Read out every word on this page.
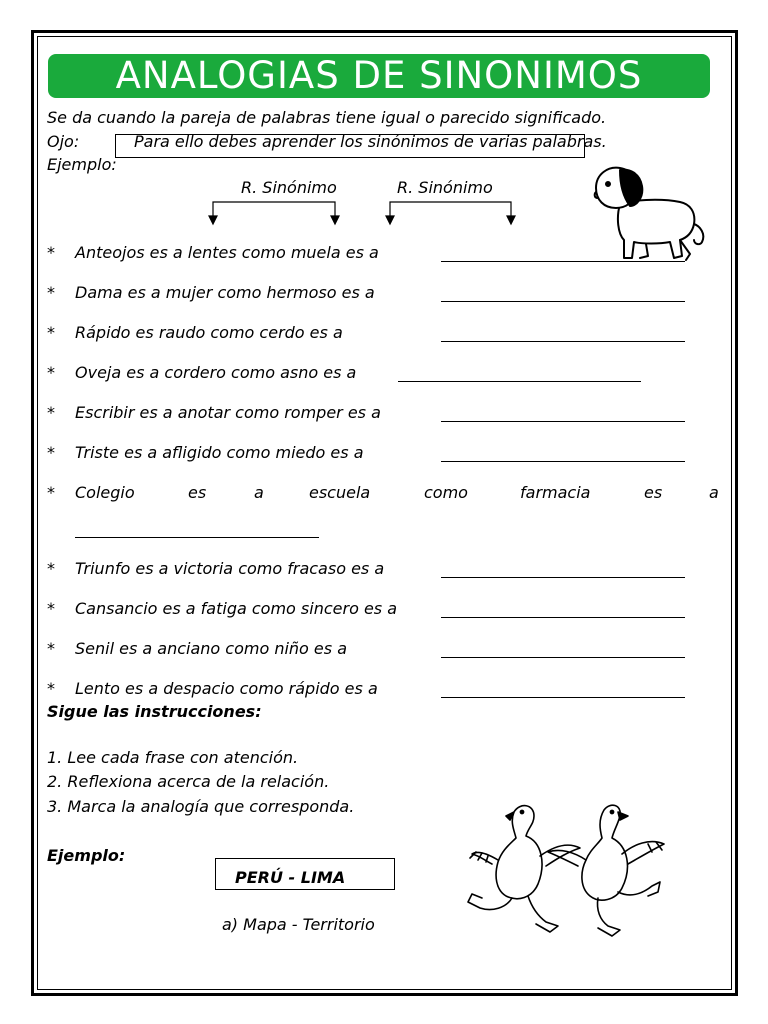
ANALOGIAS DE SINONIMOS
Se da cuando la pareja de palabras tiene igual o parecido significado.
Ojo:	Para ello debes aprender los sinónimos de varias palabras.
Ejemplo:
R. Sinónimo	R. Sinónimo
* Anteojos es a lentes como muela es a
* Dama es a mujer como hermoso es a
* Rápido es raudo como cerdo es a
* Oveja es a cordero como asno es a
* Escribir es a anotar como romper es a
* Triste es a afligido como miedo es a
* Colegio	es	a	escuela	como	farmacia	es	a
* Triunfo es a victoria como fracaso es a
* Cansancio es a fatiga como sincero es a
* Senil es a anciano como niño es a
* Lento es a despacio como rápido es a
Sigue las instrucciones:
1. Lee cada frase con atención.
2. Reflexiona acerca de la relación.
3. Marca la analogía que corresponda.
Ejemplo:
PERÚ - LIMA
a) Mapa - Territorio
